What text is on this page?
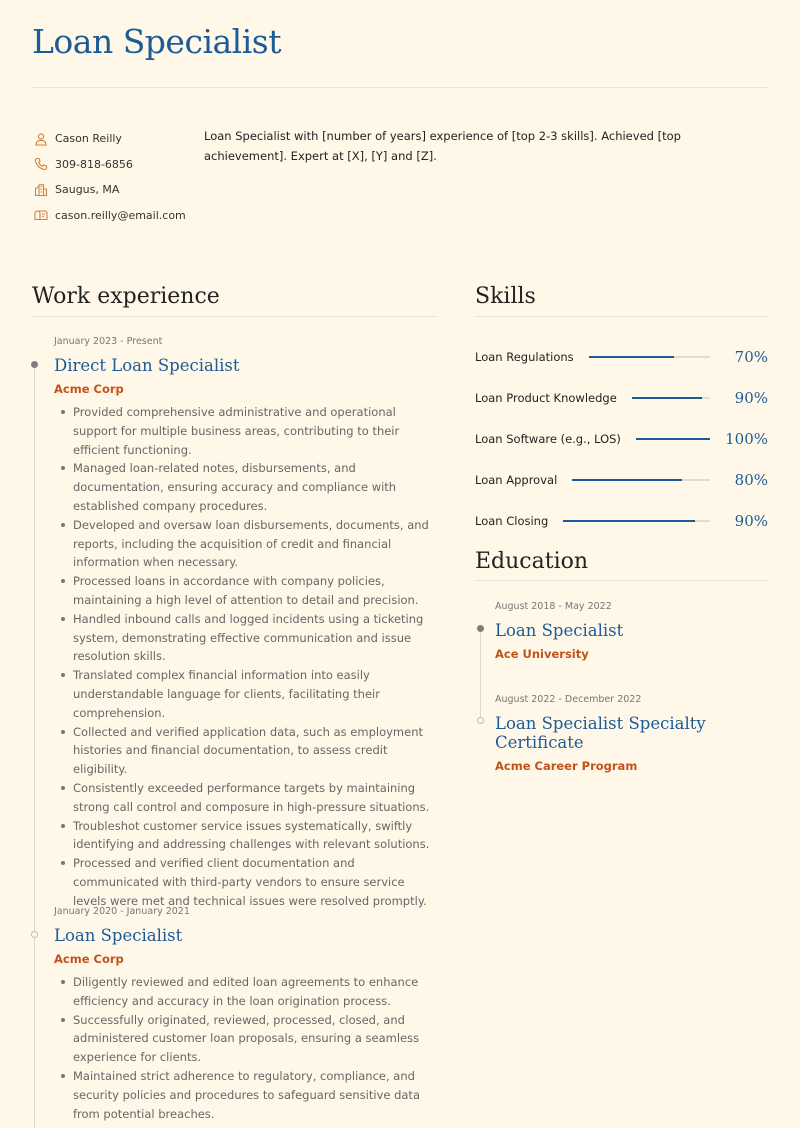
Loan Specialist
Cason Reilly
309-818-6856
Saugus, MA
cason.reilly@email.com
Loan Specialist with [number of years] experience of [top 2-3 skills]. Achieved [top achievement]. Expert at [X], [Y] and [Z].
Work experience
January 2023 - Present
Direct Loan Specialist
Acme Corp
Provided comprehensive administrative and operational support for multiple business areas, contributing to their efficient functioning.
Managed loan-related notes, disbursements, and documentation, ensuring accuracy and compliance with established company procedures.
Developed and oversaw loan disbursements, documents, and reports, including the acquisition of credit and financial information when necessary.
Processed loans in accordance with company policies, maintaining a high level of attention to detail and precision.
Handled inbound calls and logged incidents using a ticketing system, demonstrating effective communication and issue resolution skills.
Translated complex financial information into easily understandable language for clients, facilitating their comprehension.
Collected and verified application data, such as employment histories and financial documentation, to assess credit eligibility.
Consistently exceeded performance targets by maintaining strong call control and composure in high-pressure situations.
Troubleshot customer service issues systematically, swiftly identifying and addressing challenges with relevant solutions.
Processed and verified client documentation and communicated with third-party vendors to ensure service levels were met and technical issues were resolved promptly.
January 2020 - January 2021
Loan Specialist
Acme Corp
Diligently reviewed and edited loan agreements to enhance efficiency and accuracy in the loan origination process.
Successfully originated, reviewed, processed, closed, and administered customer loan proposals, ensuring a seamless experience for clients.
Maintained strict adherence to regulatory, compliance, and security policies and procedures to safeguard sensitive data from potential breaches.
Skills
Loan Regulations	70%
Loan Product Knowledge	90%
Loan Software (e.g., LOS)	100%
Loan Approval	80%
Loan Closing	90%
Education
August 2018 - May 2022
Loan Specialist
Ace University
August 2022 - December 2022
Loan Specialist Specialty Certificate
Acme Career Program
